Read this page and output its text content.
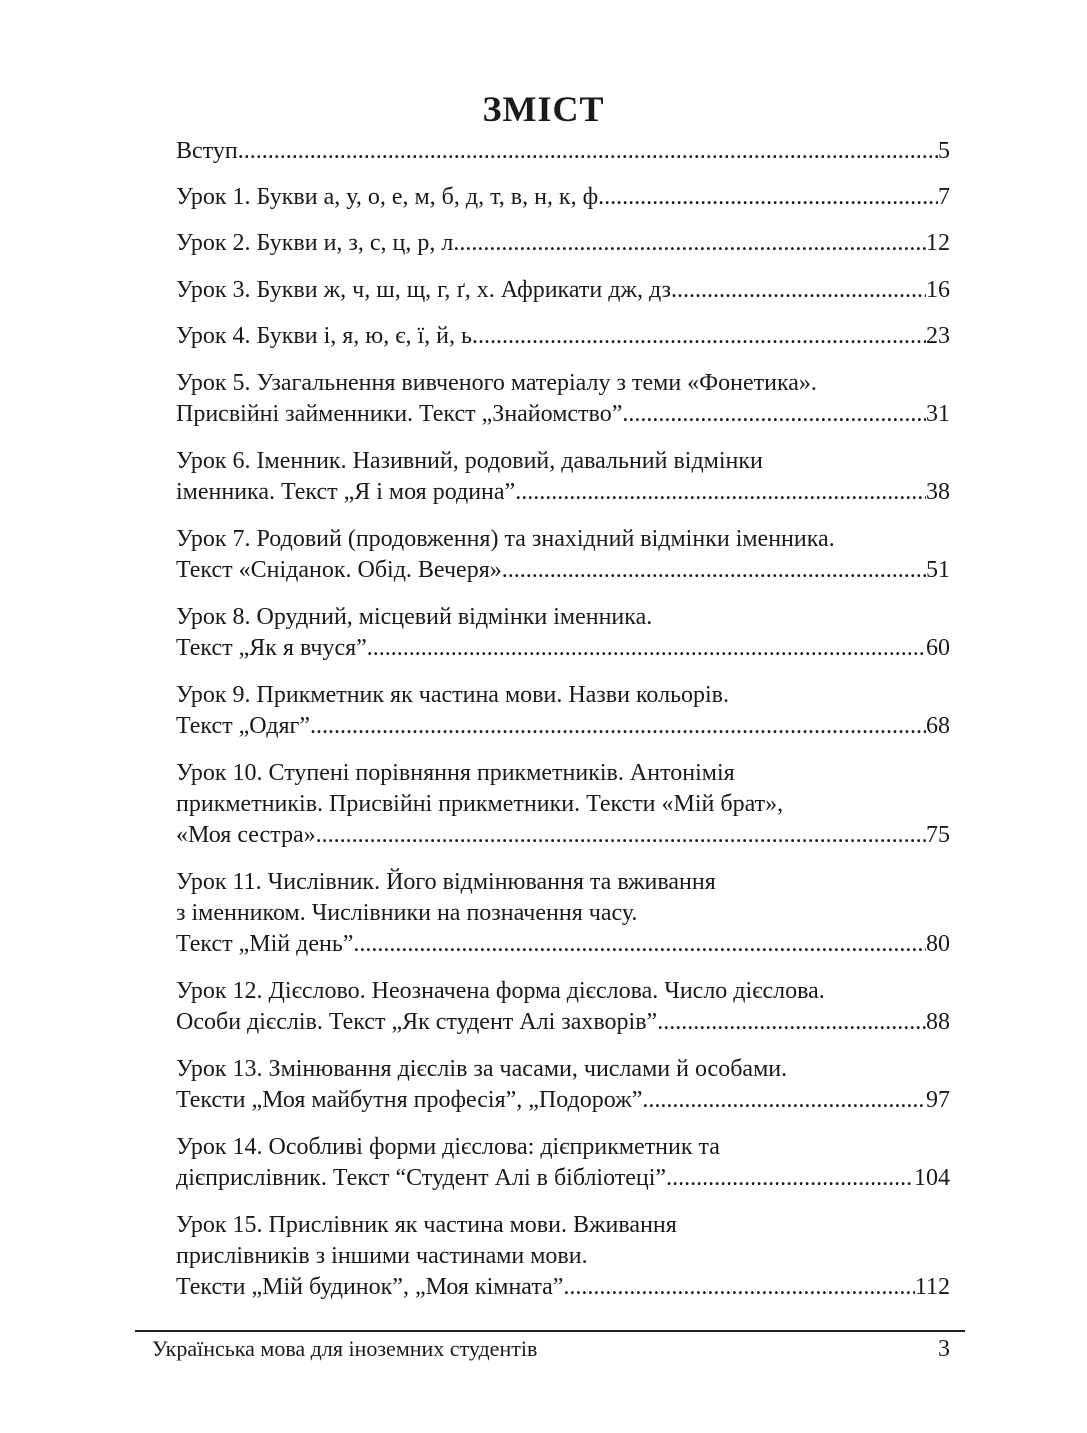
ЗМІСТ
Вступ .....	5
Урок 1. Букви а, у, о, е, м, б, д, т, в, н, к, ф. .....	7
Урок 2. Букви и, з, с, ц, р, л. .....	12
Урок 3. Букви ж, ч, ш, щ, г, ґ, х. Африкати дж, дз. .....	16
Урок 4. Букви і, я, ю, є, ї, й, ь. .....	23
Урок 5. Узагальнення вивченого матеріалу з теми «Фонетика».
Присвійні займенники. Текст „Знайомство” .....	31
Урок 6. Іменник. Називний, родовий, давальний відмінки
іменника. Текст „Я і моя родина”. .....	38
Урок 7. Родовий (продовження) та знахідний відмінки іменника.
Текст «Сніданок. Обід. Вечеря» .....	51
Урок 8. Орудний, місцевий відмінки іменника.
Текст „Як я вчуся”. .....	60
Урок 9. Прикметник як частина мови. Назви кольорів.
Текст „Одяг”. .....	68
Урок 10. Ступені порівняння прикметників. Антонімія
прикметників. Присвійні прикметники. Тексти «Мій брат»,
«Моя сестра» .....	75
Урок 11. Числівник. Його відмінювання та вживання
з іменником. Числівники на позначення часу.
Текст „Мій день” .....	80
Урок 12. Дієслово. Неозначена форма дієслова. Число дієслова.
Особи дієслів. Текст „Як студент Алі захворів” .....	88
Урок 13. Змінювання дієслів за часами, числами й особами.
Тексти „Моя майбутня професія”, „Подорож”. .....	97
Урок 14. Особливі форми дієслова: дієприкметник та
дієприслівник. Текст “Студент Алі в бібліотеці”. .....	104
Урок 15. Прислівник як частина мови. Вживання
прислівників з іншими частинами мови.
Тексти „Мій будинок”, „Моя кімната” .....	112
Українська мова для іноземних студентів	3
